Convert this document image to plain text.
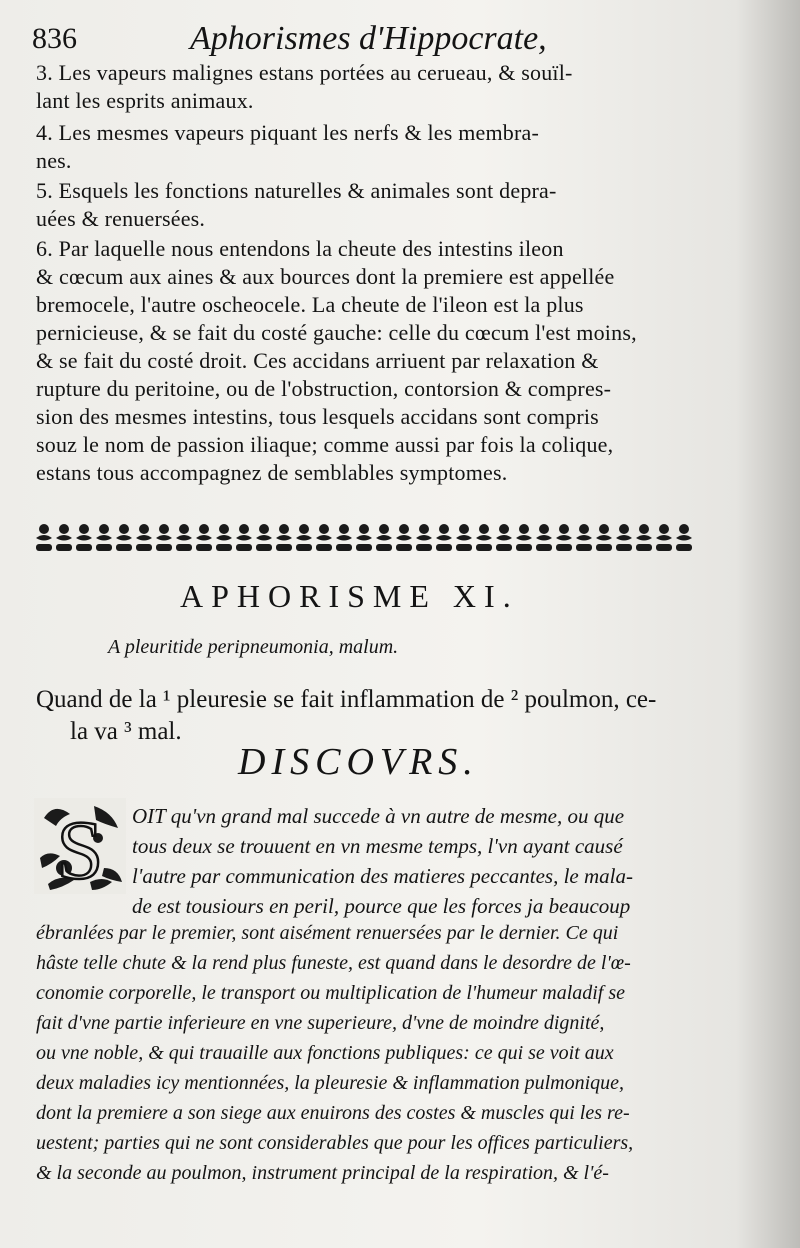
836	Aphorismes d'Hippocrate,
3. Les vapeurs malignes estans portées au cerueau, & souïl-
lant les esprits animaux.
4. Les mesmes vapeurs piquant les nerfs & les membra-
nes.
5. Esquels les fonctions naturelles & animales sont depra-
uées & renuersées.
6. Par laquelle nous entendons la cheute des intestins ileon
& cœcum aux aines & aux bources dont la premiere est appellée
bremocele, l'autre oscheocele. La cheute de l'ileon est la plus
pernicieuse, & se fait du costé gauche: celle du cœcum l'est moins,
& se fait du costé droit. Ces accidans arriuent par relaxation &
rupture du peritoine, ou de l'obstruction, contorsion & compres-
sion des mesmes intestins, tous lesquels accidans sont compris
souz le nom de passion iliaque; comme aussi par fois la colique,
estans tous accompagnez de semblables symptomes.
APHORISME XI.
A pleuritide peripneumonia, malum.
Quand de la ¹ pleuresie se fait inflammation de ² poulmon, ce-
la va ³ mal.
DISCOVRS.
S OIT qu'vn grand mal succede à vn autre de mesme, ou que
tous deux se trouuent en vn mesme temps, l'vn ayant causé
l'autre par communication des matieres peccantes, le mala-
de est tousiours en peril, pource que les forces ja beaucoup
ébranlées par le premier, sont aisément renuersées par le dernier. Ce qui
hâste telle chute & la rend plus funeste, est quand dans le desordre de l'œ-
conomie corporelle, le transport ou multiplication de l'humeur maladif se
fait d'vne partie inferieure en vne superieure, d'vne de moindre dignité,
ou vne noble, & qui trauaille aux fonctions publiques: ce qui se voit aux
deux maladies icy mentionnées, la pleuresie & inflammation pulmonique,
dont la premiere a son siege aux enuirons des costes & muscles qui les re-
uestent; parties qui ne sont considerables que pour les offices particuliers,
& la seconde au poulmon, instrument principal de la respiration, & l'é-
